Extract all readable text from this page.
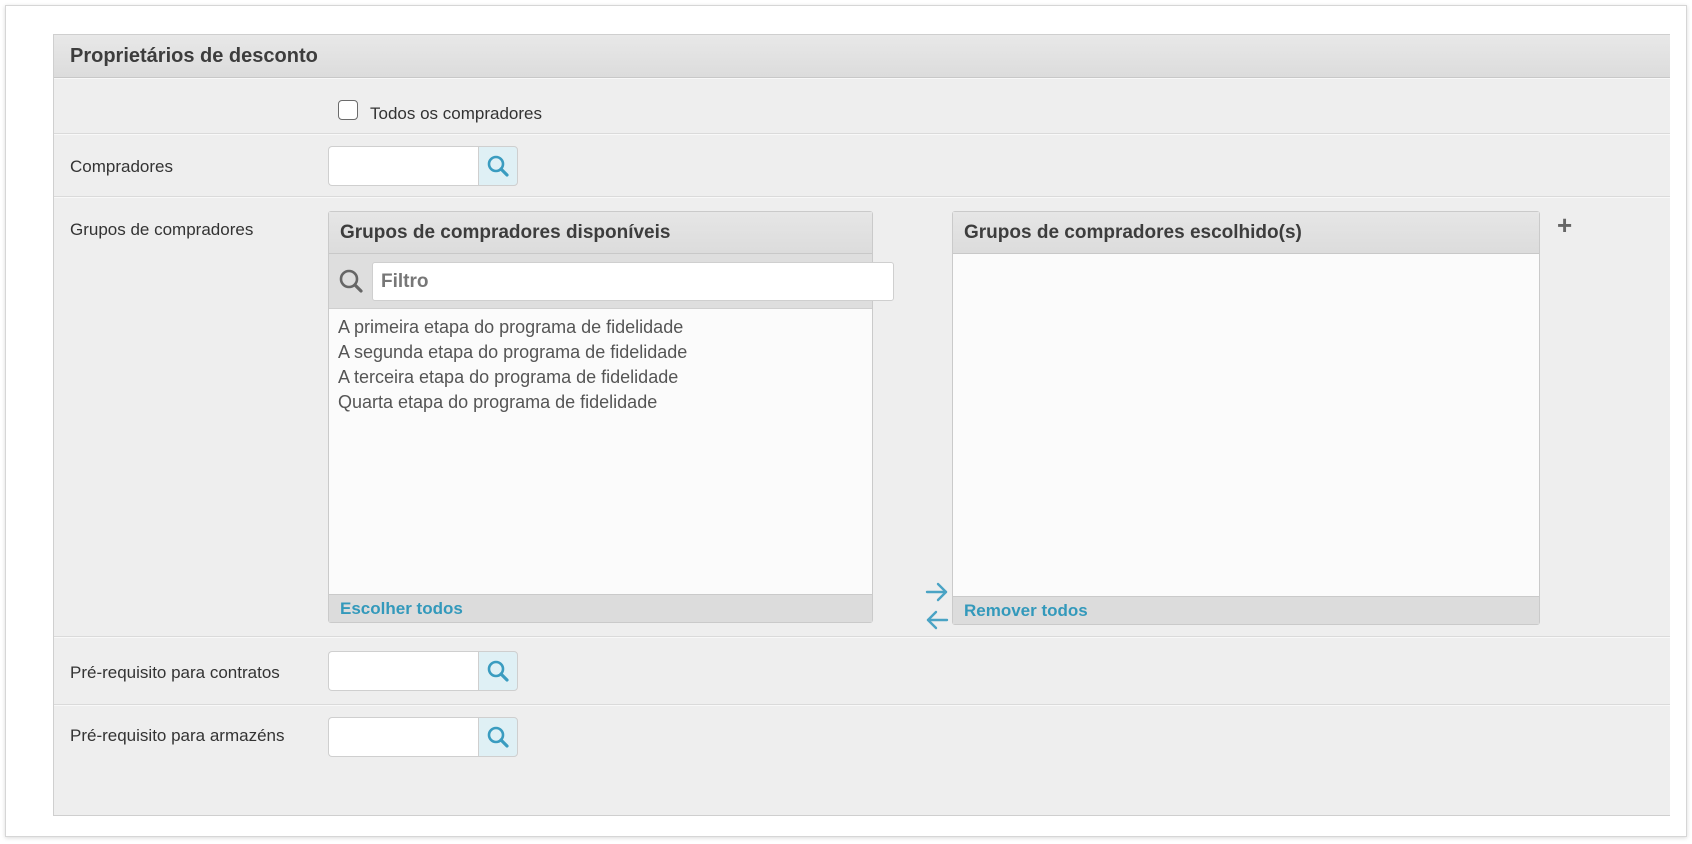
Proprietários de desconto
Todos os compradores
Compradores
Grupos de compradores	Grupos de compradores disponíveis
Filtro
A primeira etapa do programa de fidelidade
A segunda etapa do programa de fidelidade
A terceira etapa do programa de fidelidade
Quarta etapa do programa de fidelidade
Escolher todos
Grupos de compradores escolhido(s)
Remover todos
+
Pré-requisito para contratos
Pré-requisito para armazéns
